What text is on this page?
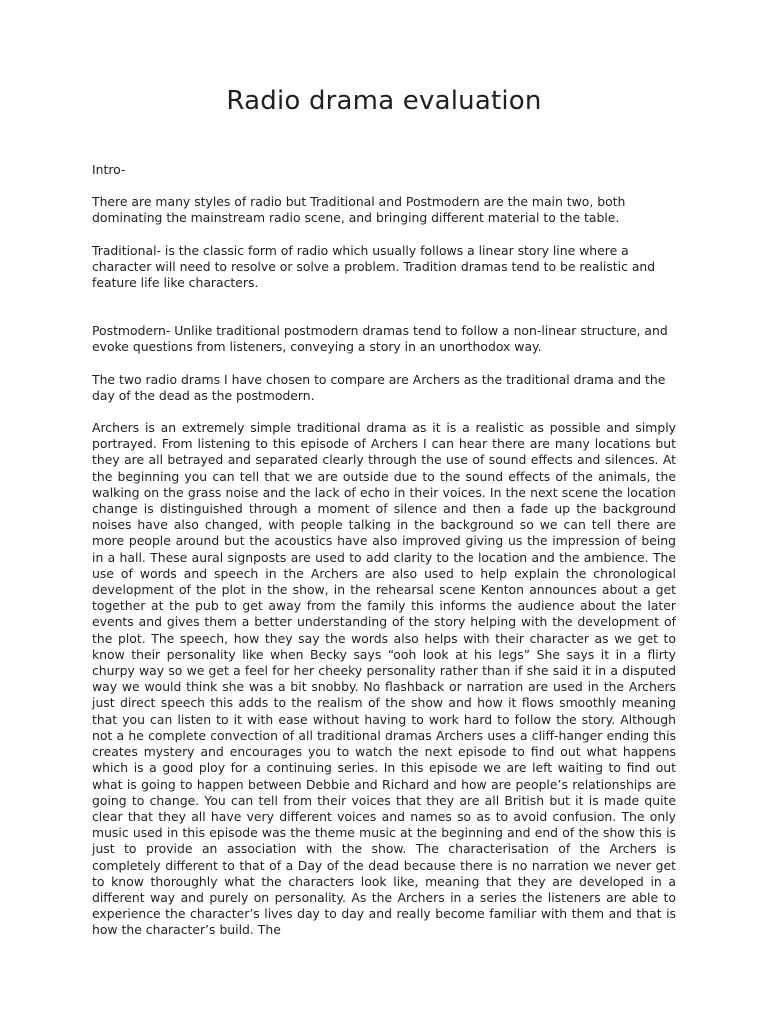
Radio drama evaluation

Intro-

There are many styles of radio but Traditional and Postmodern are the main two, both dominating the mainstream radio scene, and bringing different material to the table.

Traditional- is the classic form of radio which usually follows a linear story line where a character will need to resolve or solve a problem. Tradition dramas tend to be realistic and feature life like characters.

Postmodern- Unlike traditional postmodern dramas tend to follow a non-linear structure, and evoke questions from listeners, conveying a story in an unorthodox way.

The two radio drams I have chosen to compare are Archers as the traditional drama and the day of the dead as the postmodern.

Archers is an extremely simple traditional drama as it is a realistic as possible and simply portrayed. From listening to this episode of Archers I can hear there are many locations but they are all betrayed and separated clearly through the use of sound effects and silences. At the beginning you can tell that we are outside due to the sound effects of the animals, the walking on the grass noise and the lack of echo in their voices. In the next scene the location change is distinguished through a moment of silence and then a fade up the background noises have also changed, with people talking in the background so we can tell there are more people around but the acoustics have also improved giving us the impression of being in a hall. These aural signposts are used to add clarity to the location and the ambience. The use of words and speech in the Archers are also used to help explain the chronological development of the plot in the show, in the rehearsal scene Kenton announces about a get together at the pub to get away from the family this informs the audience about the later events and gives them a better understanding of the story helping with the development of the plot. The speech, how they say the words also helps with their character as we get to know their personality like when Becky says “ooh look at his legs” She says it in a flirty churpy way so we get a feel for her cheeky personality rather than if she said it in a disputed way we would think she was a bit snobby. No flashback or narration are used in the Archers just direct speech this adds to the realism of the show and how it flows smoothly meaning that you can listen to it with ease without having to work hard to follow the story. Although not a he complete convection of all traditional dramas Archers uses a cliff-hanger ending this creates mystery and encourages you to watch the next episode to find out what happens which is a good ploy for a continuing series. In this episode we are left waiting to find out what is going to happen between Debbie and Richard and how are people’s relationships are going to change. You can tell from their voices that they are all British but it is made quite clear that they all have very different voices and names so as to avoid confusion. The only music used in this episode was the theme music at the beginning and end of the show this is just to provide an association with the show. The characterisation of the Archers is completely different to that of a Day of the dead because there is no narration we never get to know thoroughly what the characters look like, meaning that they are developed in a different way and purely on personality. As the Archers in a series the listeners are able to experience the character’s lives day to day and really become familiar with them and that is how the character’s build. The
